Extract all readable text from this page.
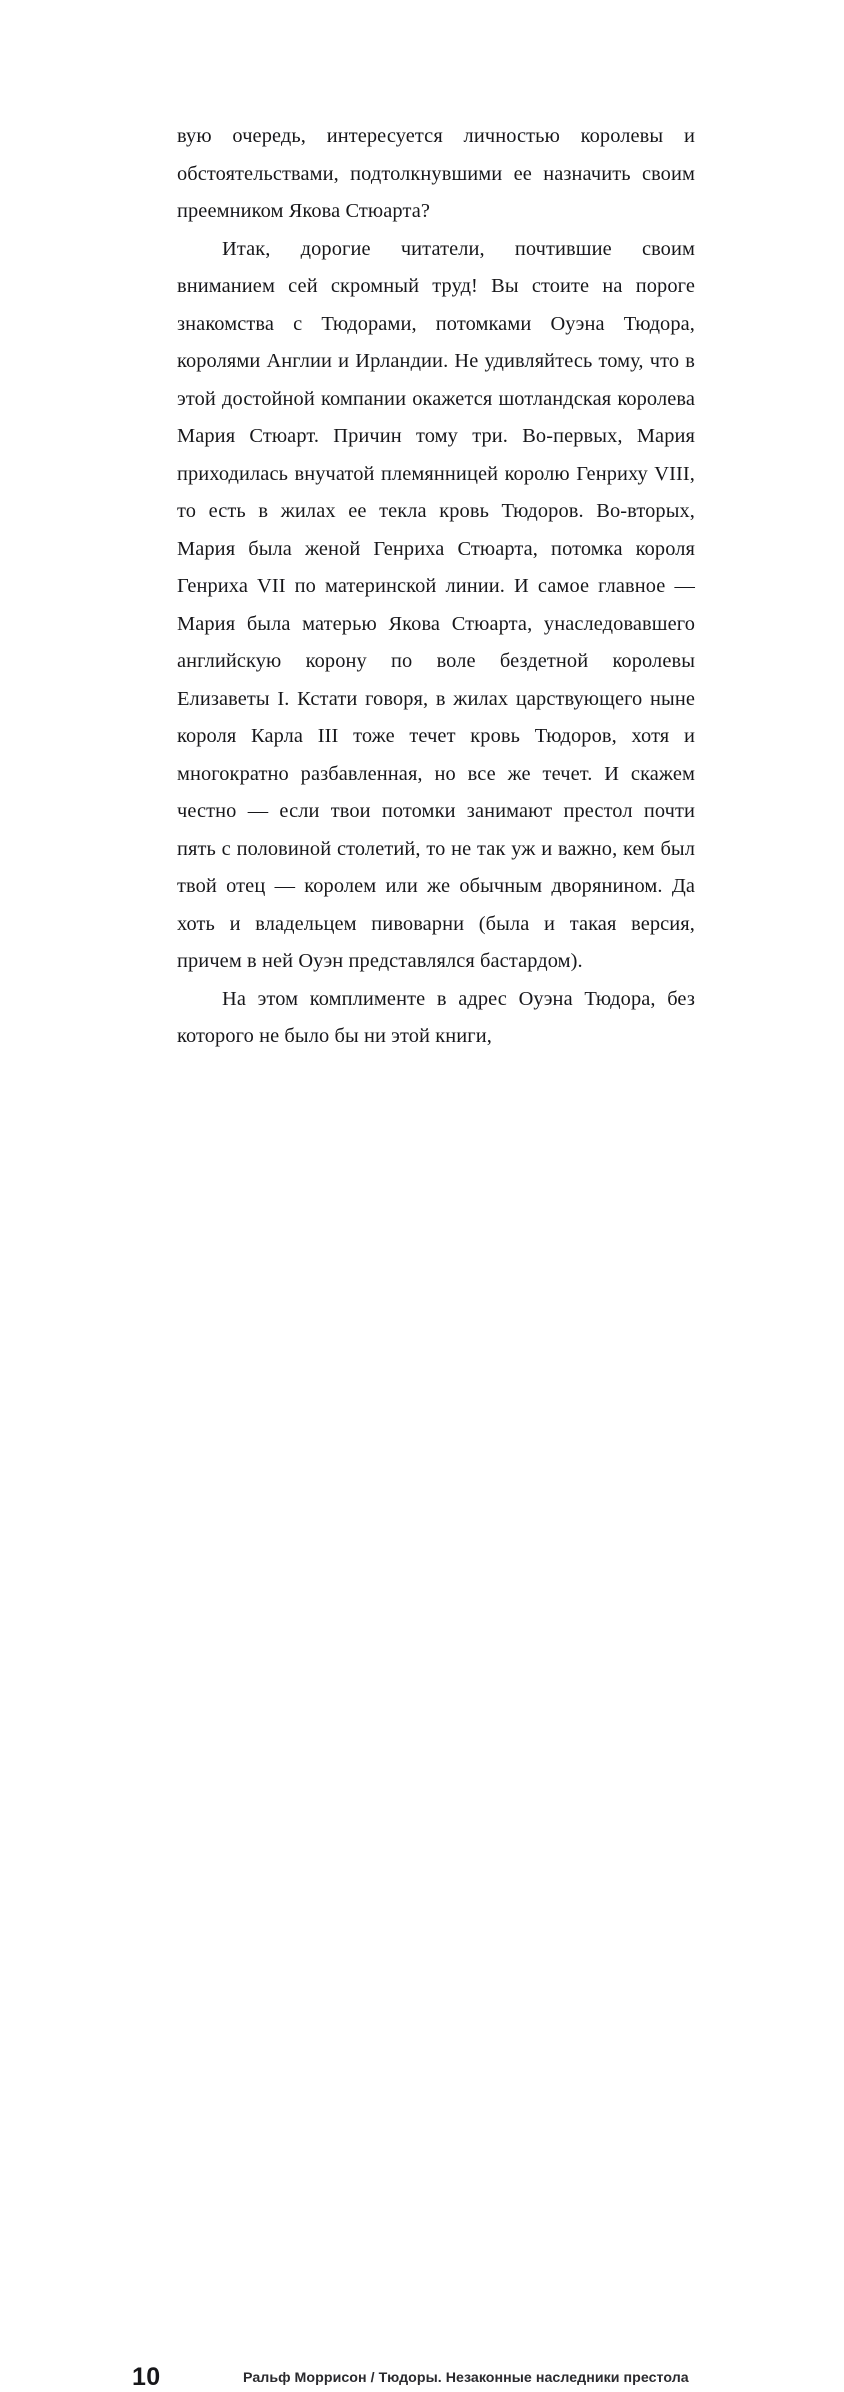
вую очередь, интересуется личностью королевы и обстоятельствами, подтолкнувшими ее назначить своим преемником Якова Стюарта?

Итак, дорогие читатели, почтившие своим вниманием сей скромный труд! Вы стоите на пороге знакомства с Тюдорами, потомками Оуэна Тюдора, королями Англии и Ирландии. Не удивляйтесь тому, что в этой достойной компании окажется шотландская королева Мария Стюарт. Причин тому три. Во-первых, Мария приходилась внучатой племянницей королю Генриху VIII, то есть в жилах ее текла кровь Тюдоров. Во-вторых, Мария была женой Генриха Стюарта, потомка короля Генриха VII по материнской линии. И самое главное — Мария была матерью Якова Стюарта, унаследовавшего английскую корону по воле бездетной королевы Елизаветы I. Кстати говоря, в жилах царствующего ныне короля Карла III тоже течет кровь Тюдоров, хотя и многократно разбавленная, но все же течет. И скажем честно — если твои потомки занимают престол почти пять с половиной столетий, то не так уж и важно, кем был твой отец — королем или же обычным дворянином. Да хоть и владельцем пивоварни (была и такая версия, причем в ней Оуэн представлялся бастардом).

На этом комплименте в адрес Оуэна Тюдора, без которого не было бы ни этой книги,

10	Ральф Моррисон / Тюдоры. Незаконные наследники престола
